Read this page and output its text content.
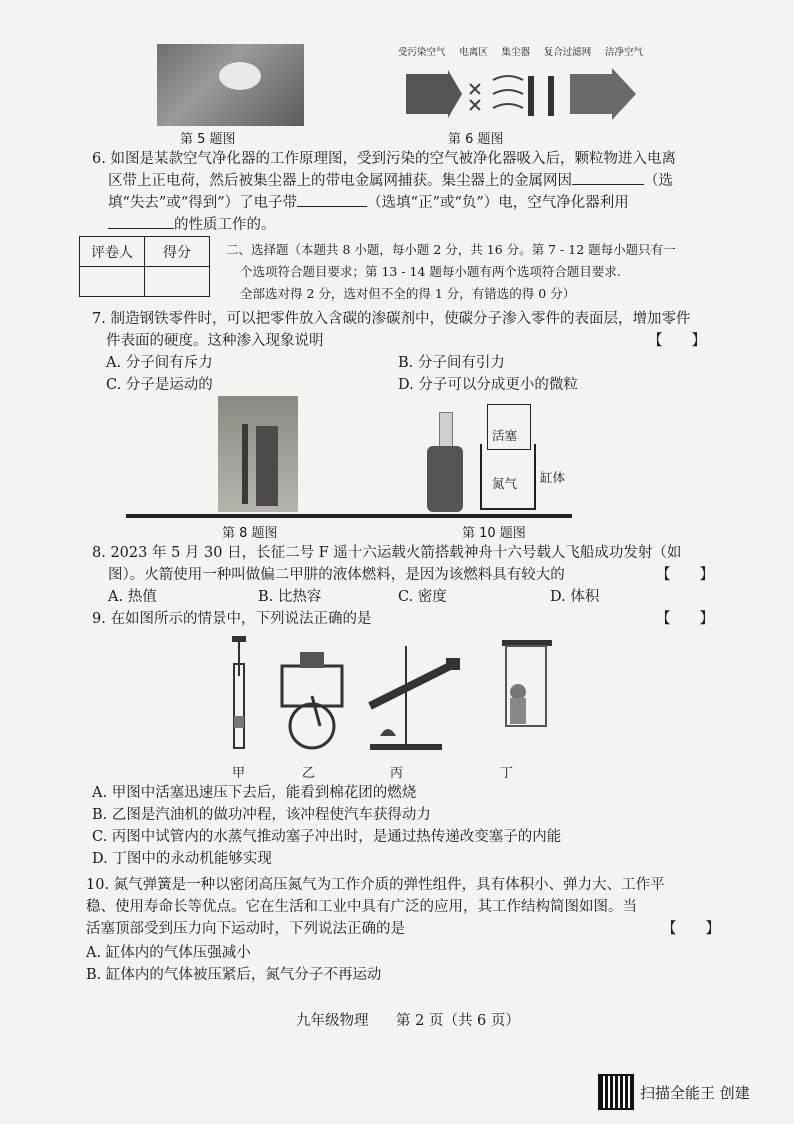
第 5 题图
受污染空气 电离区 集尘器 复合过滤网 洁净空气
第 6 题图
6. 如图是某款空气净化器的工作原理图，受到污染的空气被净化器吸入后，颗粒物进入电离
区带上正电荷，然后被集尘器上的带电金属网捕获。集尘器上的金属网因	（选
填“失去”或“得到”）了电子带	（选填“正”或“负”）电，空气净化器利用
的性质工作的。
评卷人	得分
		二、选择题（本题共 8 小题，每小题 2 分，共 16 分。第 7 - 12 题每小题只有一
个选项符合题目要求；第 13 - 14 题每小题有两个选项符合题目要求.
全部选对得 2 分，选对但不全的得 1 分，有错选的得 0 分）
7. 制造钢铁零件时，可以把零件放入含碳的渗碳剂中，使碳分子渗入零件的表面层，增加零件
件表面的硬度。这种渗入现象说明	【　　】
A. 分子间有斥力	B. 分子间有引力
C. 分子是运动的	D. 分子可以分成更小的微粒
活塞
氮气 缸体
第 8 题图	第 10 题图
8. 2023 年 5 月 30 日，长征二号 F 遥十六运载火箭搭载神舟十六号载人飞船成功发射（如
图）。火箭使用一种叫做偏二甲肼的液体燃料，是因为该燃料具有较大的	【　　】
A. 热值	B. 比热容	C. 密度	D. 体积
9. 在如图所示的情景中，下列说法正确的是	【　　】
甲	乙	丙	丁
A. 甲图中活塞迅速压下去后，能看到棉花团的燃烧
B. 乙图是汽油机的做功冲程，该冲程使汽车获得动力
C. 丙图中试管内的水蒸气推动塞子冲出时，是通过热传递改变塞子的内能
D. 丁图中的永动机能够实现
10. 氮气弹簧是一种以密闭高压氮气为工作介质的弹性组件，具有体积小、弹力大、工作平
稳、使用寿命长等优点。它在生活和工业中具有广泛的应用，其工作结构简图如图。当
活塞顶部受到压力向下运动时，下列说法正确的是	【　　】
A. 缸体内的气体压强减小
B. 缸体内的气体被压紧后，氮气分子不再运动
九年级物理 第 2 页（共 6 页）
扫描全能王 创建
